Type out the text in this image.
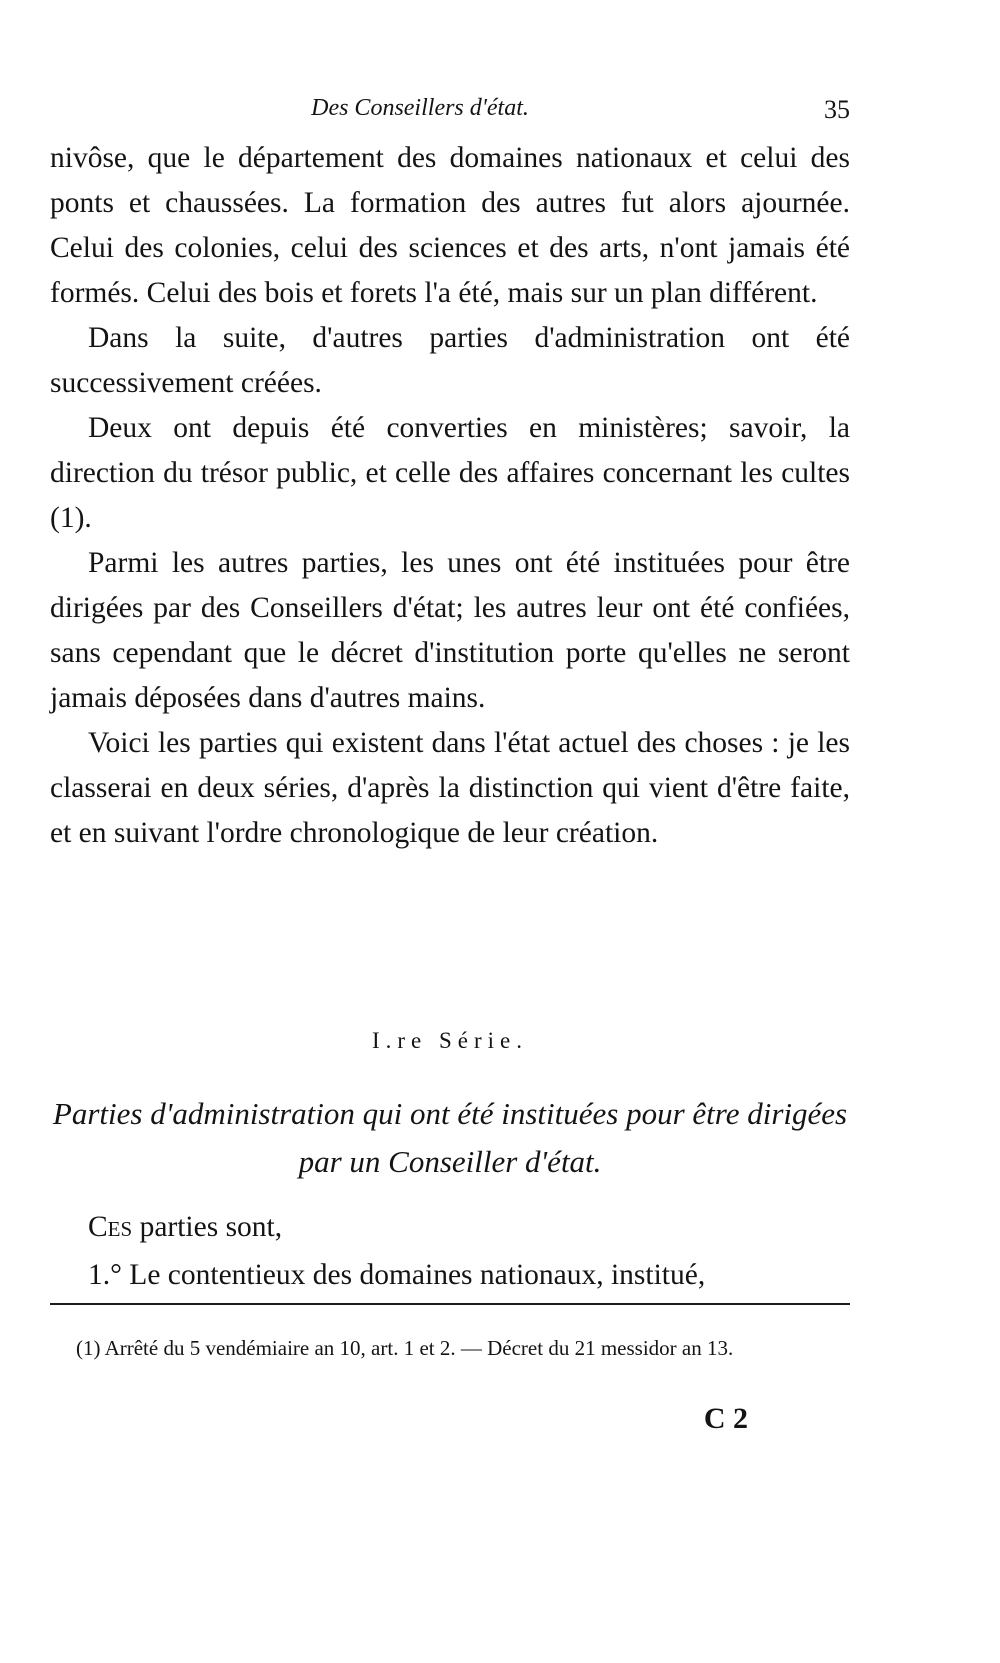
Des Conseillers d'état.	35

nivôse, que le département des domaines nationaux et celui des ponts et chaussées. La formation des autres fut alors ajournée. Celui des colonies, celui des sciences et des arts, n'ont jamais été formés. Celui des bois et forets l'a été, mais sur un plan différent.

Dans la suite, d'autres parties d'administration ont été successivement créées.

Deux ont depuis été converties en ministères; savoir, la direction du trésor public, et celle des affaires concernant les cultes (1).

Parmi les autres parties, les unes ont été instituées pour être dirigées par des Conseillers d'état; les autres leur ont été confiées, sans cependant que le décret d'institution porte qu'elles ne seront jamais déposées dans d'autres mains.

Voici les parties qui existent dans l'état actuel des choses : je les classerai en deux séries, d'après la distinction qui vient d'être faite, et en suivant l'ordre chronologique de leur création.

I.re Série.
Parties d'administration qui ont été instituées pour être dirigées par un Conseiller d'état.

Ces parties sont,

1.° Le contentieux des domaines nationaux, institué,

(1) Arrêté du 5 vendémiaire an 10, art. 1 et 2. — Décret du 21 messidor an 13.
C 2
